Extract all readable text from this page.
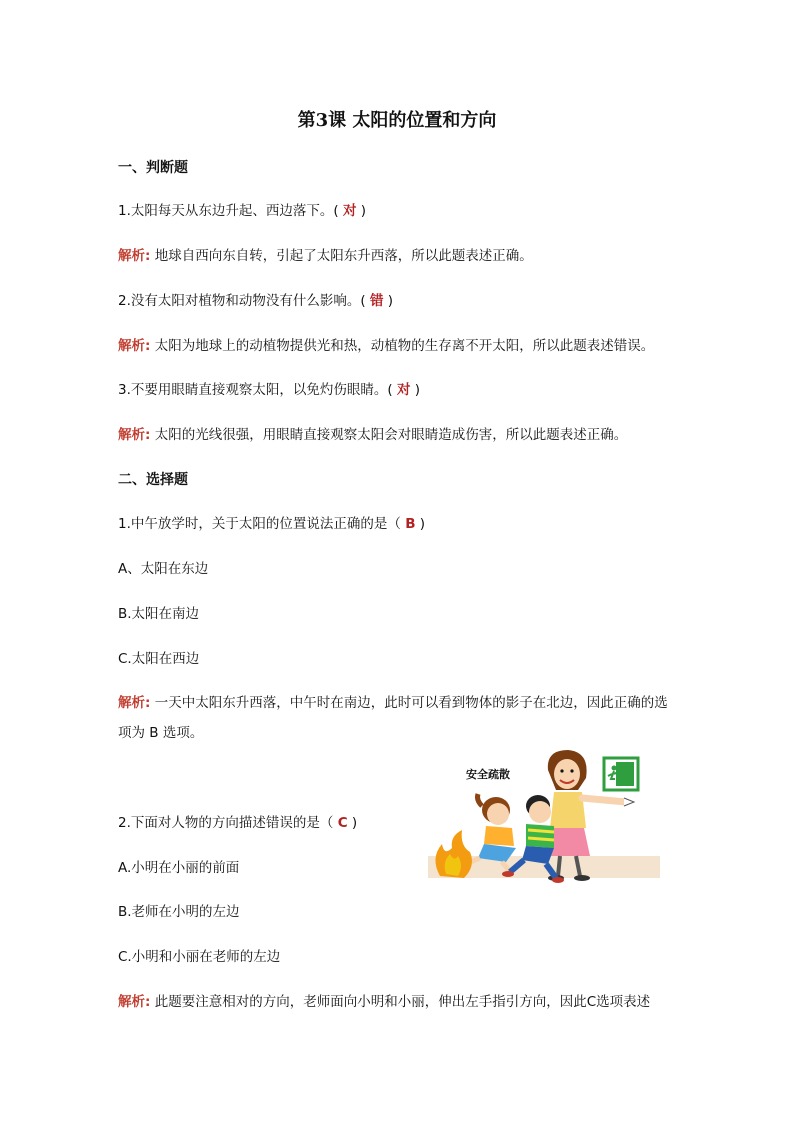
第3课 太阳的位置和方向
一、判断题
1.太阳每天从东边升起、西边落下。( 对 )
解析: 地球自西向东自转，引起了太阳东升西落，所以此题表述正确。
2.没有太阳对植物和动物没有什么影响。( 错 )
解析: 太阳为地球上的动植物提供光和热，动植物的生存离不开太阳，所以此题表述错误。
3.不要用眼睛直接观察太阳，以免灼伤眼睛。( 对 )
解析: 太阳的光线很强，用眼睛直接观察太阳会对眼睛造成伤害，所以此题表述正确。
二、选择题
1.中午放学时，关于太阳的位置说法正确的是（ B )
A、太阳在东边
B.太阳在南边
C.太阳在西边
解析: 一天中太阳东升西落，中午时在南边，此时可以看到物体的影子在北边，因此正确的选项为 B 选项。
2.下面对人物的方向描述错误的是（ C )
A.小明在小丽的前面
B.老师在小明的左边
C.小明和小丽在老师的左边
解析: 此题要注意相对的方向，老师面向小明和小丽，伸出左手指引方向，因此C选项表述
安全疏散
